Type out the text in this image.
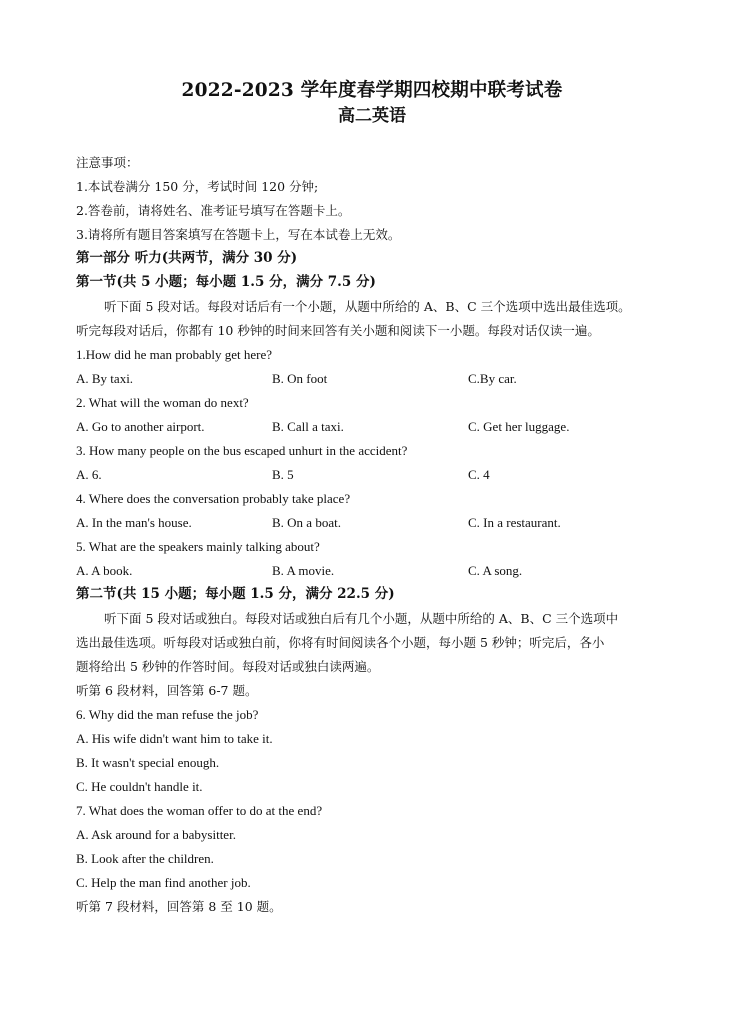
2022-2023 学年度春学期四校期中联考试卷
高二英语
注意事项：
1.本试卷满分 150 分，考试时间 120 分钟;
2.答卷前，请将姓名、准考证号填写在答题卡上。
3.请将所有题目答案填写在答题卡上，写在本试卷上无效。
第一部分 听力(共两节，满分 30 分)
第一节(共 5 小题；每小题 1.5 分，满分 7.5 分)
听下面 5 段对话。每段对话后有一个小题，从题中所给的 A、B、C 三个选项中选出最佳选项。
听完每段对话后，你都有 10 秒钟的时间来回答有关小题和阅读下一小题。每段对话仅读一遍。
1.How did he man probably get here?
A. By taxi.	B. On foot	C.By car.
2. What will the woman do next?
A. Go to another airport.	B. Call a taxi.	C. Get her luggage.
3. How many people on the bus escaped unhurt in the accident?
A. 6.	B. 5	C. 4
4. Where does the conversation probably take place?
A. In the man's house.	B. On a boat.	C. In a restaurant.
5. What are the speakers mainly talking about?
A. A book.	B. A movie.	C. A song.
第二节(共 15 小题；每小题 1.5 分，满分 22.5 分)
听下面 5 段对话或独白。每段对话或独白后有几个小题，从题中所给的 A、B、C 三个选项中
选出最佳选项。听每段对话或独白前，你将有时间阅读各个小题，每小题 5 秒钟；听完后，各小
题将给出 5 秒钟的作答时间。每段对话或独白读两遍。
听第 6 段材料，回答第 6-7 题。
6. Why did the man refuse the job?
A. His wife didn't want him to take it.
B. It wasn't special enough.
C. He couldn't handle it.
7. What does the woman offer to do at the end?
A. Ask around for a babysitter.
B. Look after the children.
C. Help the man find another job.
听第 7 段材料，回答第 8 至 10 题。
